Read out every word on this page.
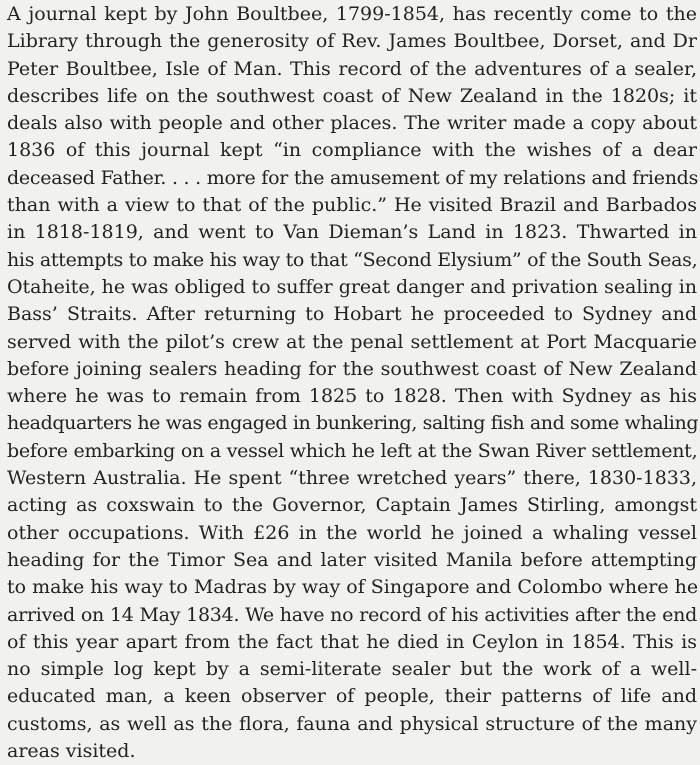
A journal kept by John Boultbee, 1799-1854, has recently come to the
Library through the generosity of Rev. James Boultbee, Dorset, and Dr
Peter Boultbee, Isle of Man. This record of the adventures of a sealer,
describes life on the southwest coast of New Zealand in the 1820s; it
deals also with people and other places. The writer made a copy about
1836 of this journal kept “in compliance with the wishes of a dear
deceased Father. . . . more for the amusement of my relations and friends
than with a view to that of the public.” He visited Brazil and Barbados
in 1818-1819, and went to Van Dieman’s Land in 1823. Thwarted in
his attempts to make his way to that “Second Elysium” of the South Seas,
Otaheite, he was obliged to suffer great danger and privation sealing in
Bass’ Straits. After returning to Hobart he proceeded to Sydney and
served with the pilot’s crew at the penal settlement at Port Macquarie
before joining sealers heading for the southwest coast of New Zealand
where he was to remain from 1825 to 1828. Then with Sydney as his
headquarters he was engaged in bunkering, salting fish and some whaling
before embarking on a vessel which he left at the Swan River settlement,
Western Australia. He spent “three wretched years” there, 1830-1833,
acting as coxswain to the Governor, Captain James Stirling, amongst
other occupations. With £26 in the world he joined a whaling vessel
heading for the Timor Sea and later visited Manila before attempting
to make his way to Madras by way of Singapore and Colombo where he
arrived on 14 May 1834. We have no record of his activities after the end
of this year apart from the fact that he died in Ceylon in 1854. This is
no simple log kept by a semi-literate sealer but the work of a well-
educated man, a keen observer of people, their patterns of life and
customs, as well as the flora, fauna and physical structure of the many
areas visited.
